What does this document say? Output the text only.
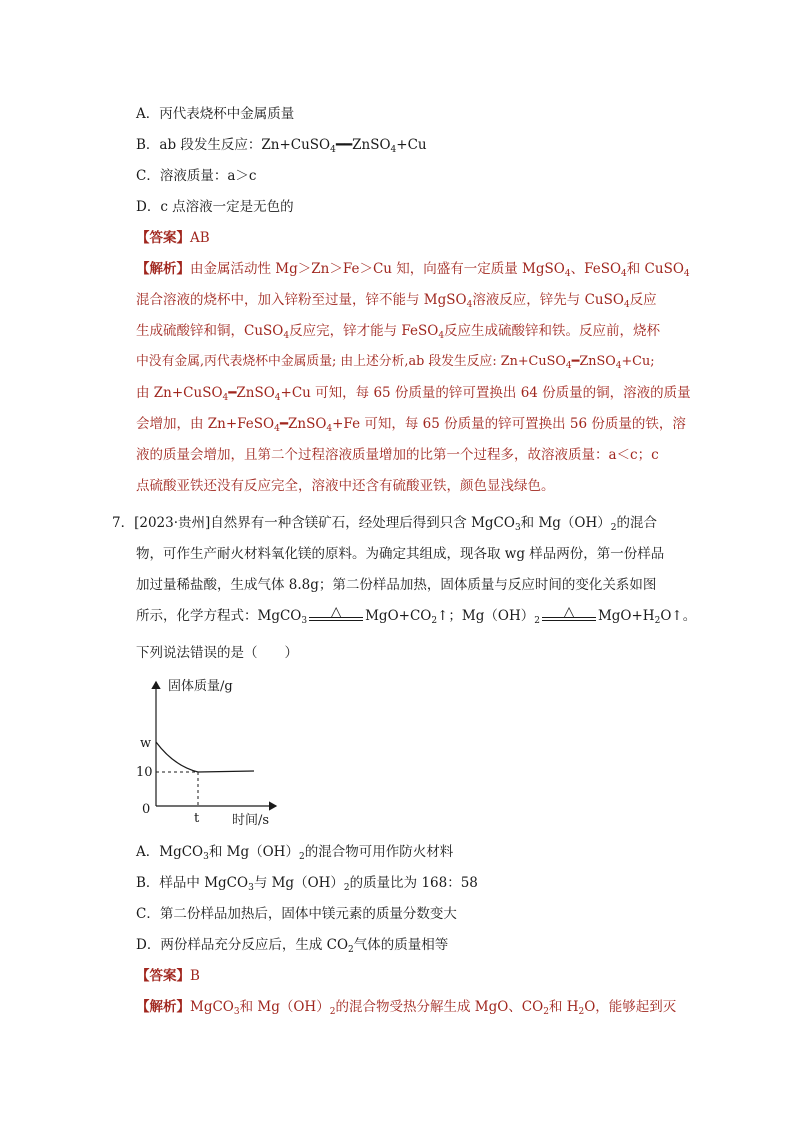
A．丙代表烧杯中金属质量
B．ab 段发生反应：Zn+CuSO$_4$━━ZnSO$_4$+Cu
C．溶液质量：a＞c
D．c 点溶液一定是无色的
【答案】AB
【解析】由金属活动性 Mg＞Zn＞Fe＞Cu 知，向盛有一定质量 MgSO$_4$、FeSO$_4$和 CuSO$_4$
混合溶液的烧杯中，加入锌粉至过量，锌不能与 MgSO$_4$溶液反应，锌先与 CuSO$_4$反应
生成硫酸锌和铜，CuSO$_4$反应完，锌才能与 FeSO$_4$反应生成硫酸锌和铁。反应前，烧杯
中没有金属,丙代表烧杯中金属质量; 由上述分析,ab 段发生反应: Zn+CuSO$_4$━ZnSO$_4$+Cu;
由 Zn+CuSO$_4$━ZnSO$_4$+Cu 可知，每 65 份质量的锌可置换出 64 份质量的铜，溶液的质量
会增加，由 Zn+FeSO$_4$━ZnSO$_4$+Fe 可知，每 65 份质量的锌可置换出 56 份质量的铁，溶
液的质量会增加，且第二个过程溶液质量增加的比第一个过程多，故溶液质量：a＜c；c
点硫酸亚铁还没有反应完全，溶液中还含有硫酸亚铁，颜色显浅绿色。
7．[2023·贵州]自然界有一种含镁矿石，经处理后得到只含 MgCO$_3$和 $Mg(OH)_2$的混合
物，可作生产耐火材料氧化镁的原料。为确定其组成，现各取 wg 样品两份，第一份样品
加过量稀盐酸，生成气体 8.8g；第二份样品加热，固体质量与反应时间的变化关系如图
所示，化学方程式：MgCO$_3$
△	$MgO+CO_2↑$；$Mg(OH)_2$
△	$MgO+H_2O↑$。
下列说法错误的是（　　）
固体质量/g
时间/s
0
w
10
t
A．MgCO$_3$和 $Mg(OH)_2$的混合物可用作防火材料
B．样品中 MgCO$_3$与 $Mg(OH)_2$的质量比为 168：58
C．第二份样品加热后，固体中镁元素的质量分数变大
D．两份样品充分反应后，生成 $CO_2$气体的质量相等
【答案】B
【解析】MgCO$_3$和 $Mg(OH)_2$的混合物受热分解生成 MgO、$CO_2$和 $H_2O$，能够起到灭
